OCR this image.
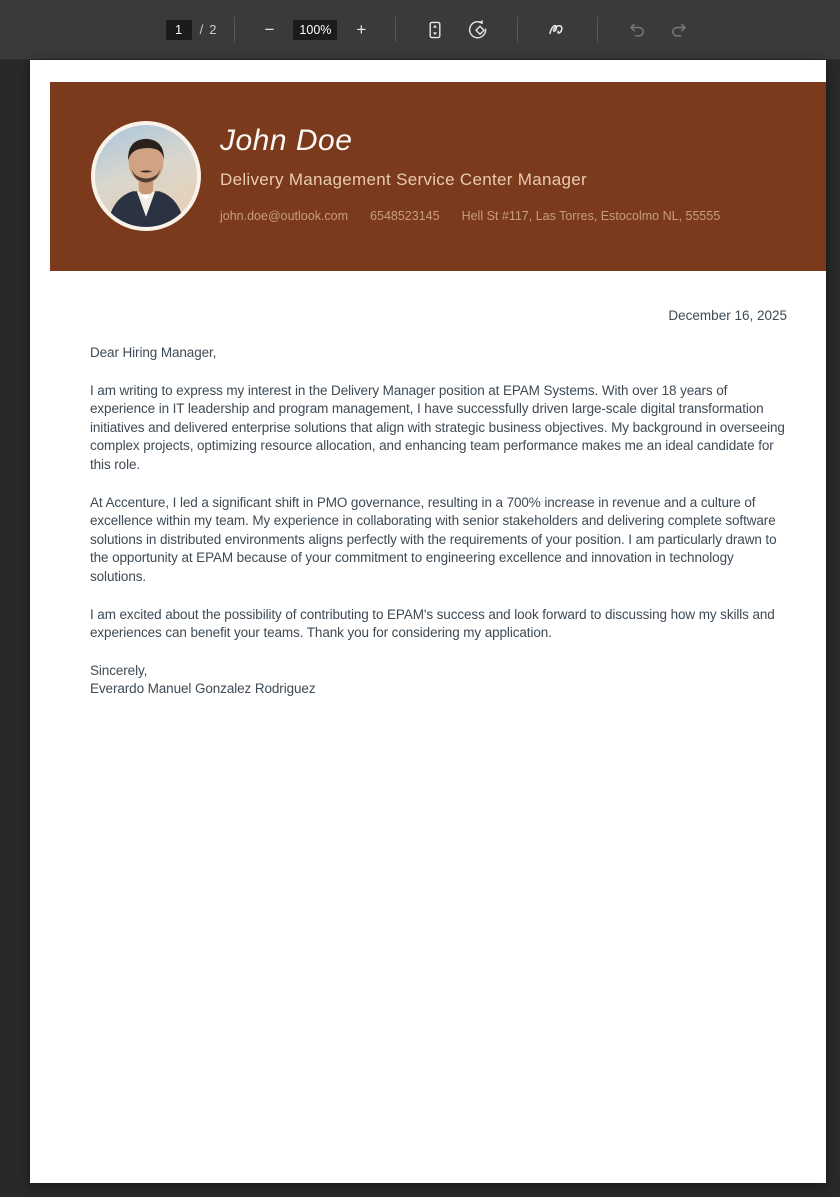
1
/ 2	−	100%	+
John Doe
Delivery Management Service Center Manager
john.doe@outlook.com 6548523145 Hell St #117, Las Torres, Estocolmo NL, 55555
December 16, 2025

Dear Hiring Manager,

I am writing to express my interest in the Delivery Manager position at EPAM Systems. With over 18 years of experience in IT leadership and program management, I have successfully driven large-scale digital transformation initiatives and delivered enterprise solutions that align with strategic business objectives. My background in overseeing complex projects, optimizing resource allocation, and enhancing team performance makes me an ideal candidate for this role.

At Accenture, I led a significant shift in PMO governance, resulting in a 700% increase in revenue and a culture of excellence within my team. My experience in collaborating with senior stakeholders and delivering complete software solutions in distributed environments aligns perfectly with the requirements of your position. I am particularly drawn to the opportunity at EPAM because of your commitment to engineering excellence and innovation in technology solutions.

I am excited about the possibility of contributing to EPAM's success and look forward to discussing how my skills and experiences can benefit your teams. Thank you for considering my application.

Sincerely,
Everardo Manuel Gonzalez Rodriguez
